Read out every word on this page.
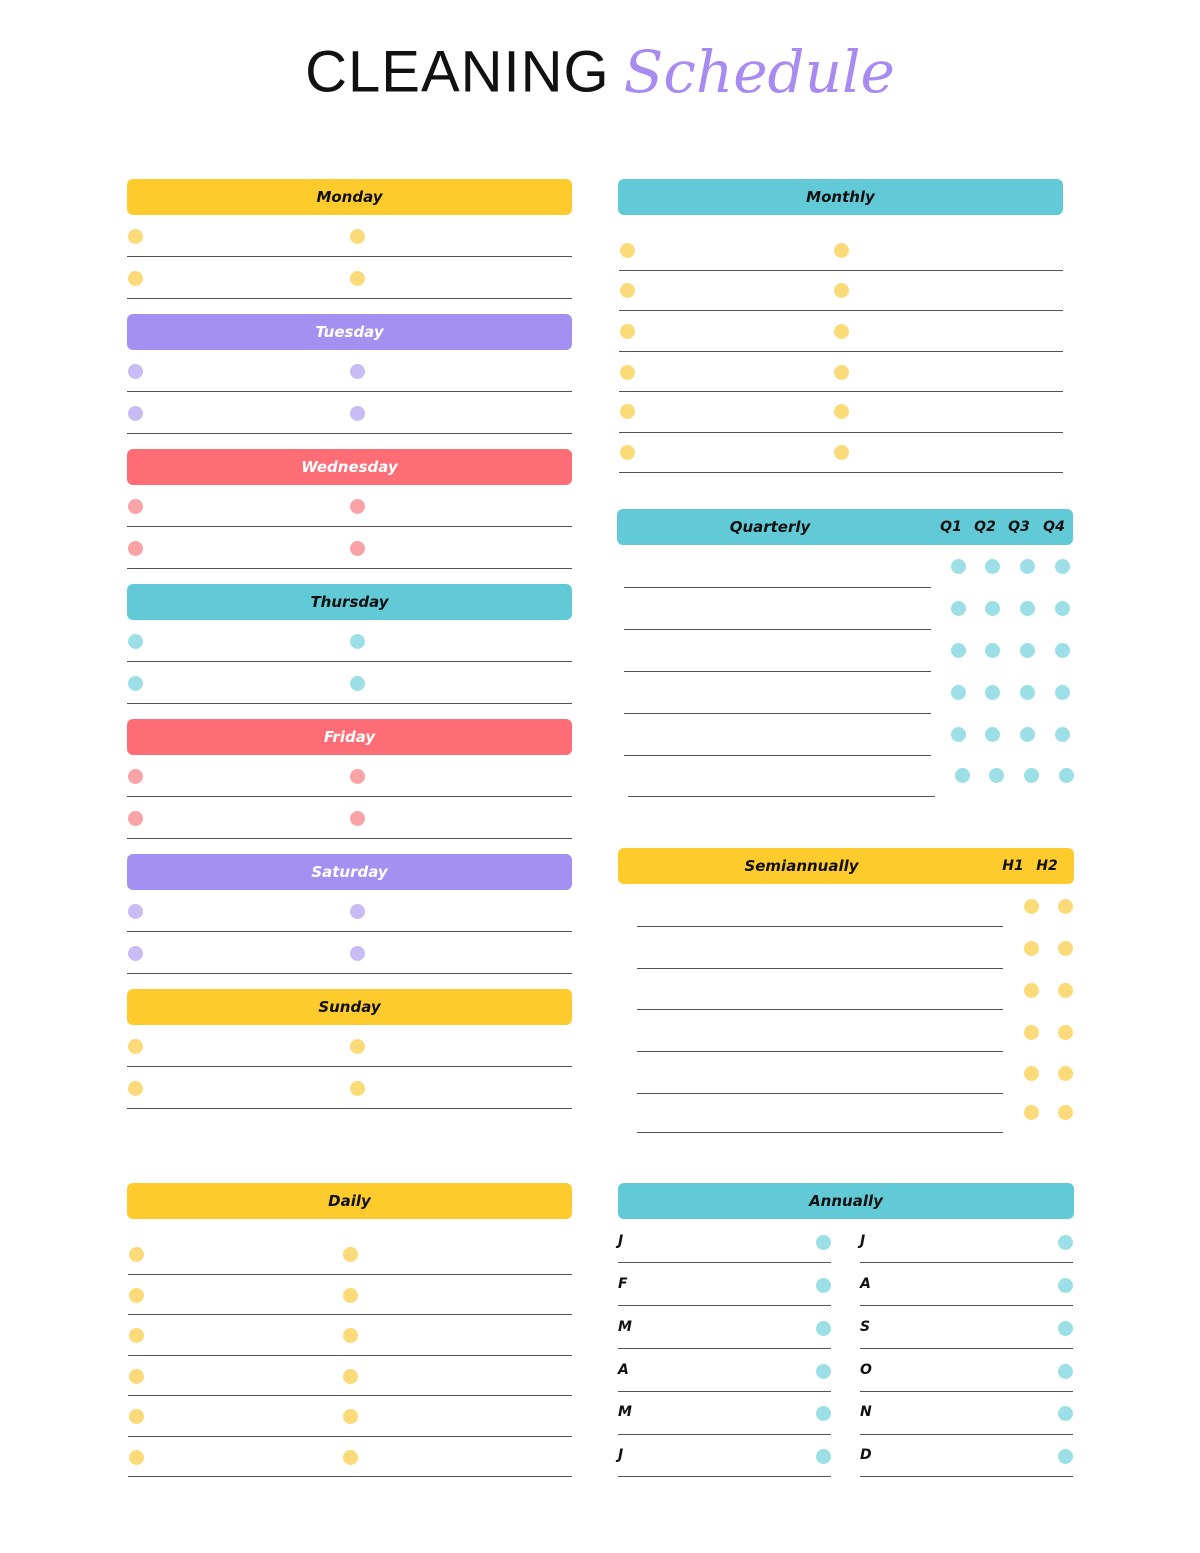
CLEANING Schedule
Monday
Tuesday
Wednesday
Thursday
Friday
Saturday
Sunday
Daily
Monthly
Quarterly	Q1 Q2 Q3 Q4
Semiannually	H1 H2
Annually
J	J
F	A
M	S
A	O
M	N
J	D
